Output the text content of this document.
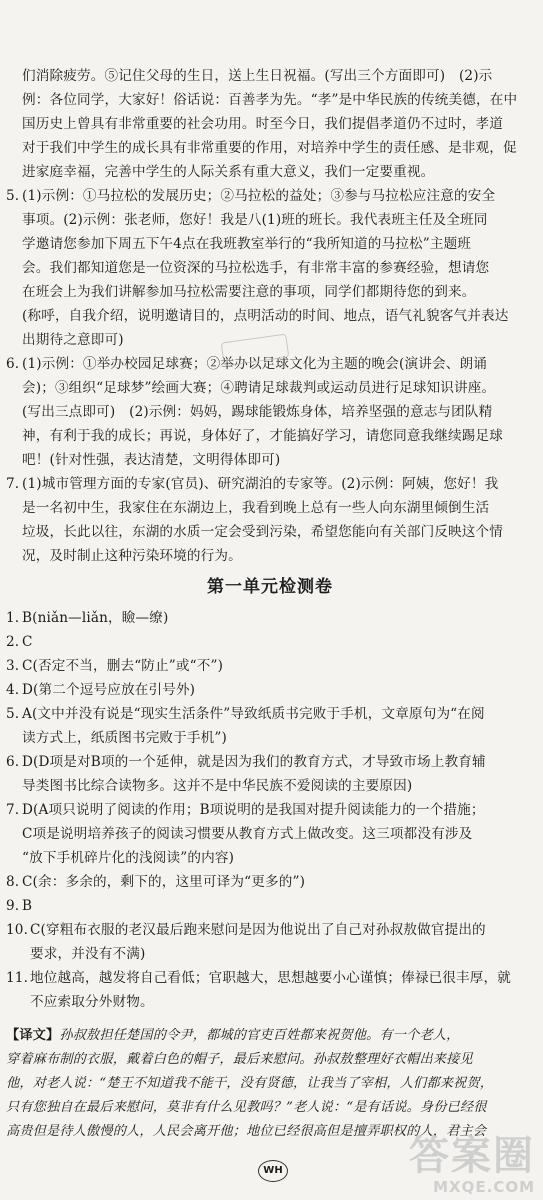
们消除疲劳。⑤记住父母的生日，送上生日祝福。(写出三个方面即可)　(2)示

例：各位同学，大家好！俗话说：百善孝为先。“孝”是中华民族的传统美德，在中

国历史上曾具有非常重要的社会功用。时至今日，我们提倡孝道仍不过时，孝道

对于我们中学生的成长具有非常重要的作用，对培养中学生的责任感、是非观，促

进家庭幸福，完善中学生的人际关系有重大意义，我们一定要重视。

5. (1)示例：①马拉松的发展历史；②马拉松的益处；③参与马拉松应注意的安全

事项。(2)示例：张老师，您好！我是八(1)班的班长。我代表班主任及全班同

学邀请您参加下周五下午4点在我班教室举行的“我所知道的马拉松”主题班

会。我们都知道您是一位资深的马拉松选手，有非常丰富的参赛经验，想请您

在班会上为我们讲解参加马拉松需要注意的事项，同学们都期待您的到来。

(称呼，自我介绍，说明邀请目的，点明活动的时间、地点，语气礼貌客气并表达

出期待之意即可)

6. (1)示例：①举办校园足球赛；②举办以足球文化为主题的晚会(演讲会、朗诵

会)；③组织“足球梦”绘画大赛；④聘请足球裁判或运动员进行足球知识讲座。

(写出三点即可)　(2)示例：妈妈，踢球能锻炼身体，培养坚强的意志与团队精

神，有利于我的成长；再说，身体好了，才能搞好学习，请您同意我继续踢足球

吧！(针对性强，表达清楚，文明得体即可)

7. (1)城市管理方面的专家(官员)、研究湖泊的专家等。(2)示例：阿姨，您好！我

是一名初中生，我家住在东湖边上，我看到晚上总有一些人向东湖里倾倒生活

垃圾，长此以往，东湖的水质一定会受到污染，希望您能向有关部门反映这个情

况，及时制止这种污染环境的行为。

第一单元检测卷
1. B(niǎn—liǎn，瞼—缭)

2. C

3. C(否定不当，删去“防止”或“不”)

4. D(第二个逗号应放在引号外)

5. A(文中并没有说是“现实生活条件”导致纸质书完败于手机，文章原句为“在阅

读方式上，纸质图书完败于手机”)

6. D(D项是对B项的一个延伸，就是因为我们的教育方式，才导致市场上教育辅

导类图书比综合读物多。这并不是中华民族不爱阅读的主要原因)

7. D(A项只说明了阅读的作用；B项说明的是我国对提升阅读能力的一个措施；

C项是说明培养孩子的阅读习惯要从教育方式上做改变。这三项都没有涉及

“放下手机碎片化的浅阅读”的内容)

8. C(余：多余的，剩下的，这里可译为“更多的”)

9. B

10. C(穿粗布衣服的老汉最后跑来慰问是因为他说出了自己对孙叔敖做官提出的

要求，并没有不满)

11. 地位越高，越发将自己看低；官职越大，思想越要小心谨慎；俸禄已很丰厚，就

不应索取分外财物。

【译文】孙叔敖担任楚国的令尹，都城的官吏百姓都来祝贺他。有一个老人，

穿着麻布制的衣服，戴着白色的帽子，最后来慰问。孙叔敖整理好衣帽出来接见

他，对老人说：“楚王不知道我不能干，没有贤德，让我当了宰相，人们都来祝贺，

只有您独自在最后来慰问，莫非有什么见教吗？”老人说：“是有话说。身份已经很

高贵但是待人傲慢的人，人民会离开他；地位已经很高但是擅弄职权的人，君主会

WH	答案圈
MXQE.COM
